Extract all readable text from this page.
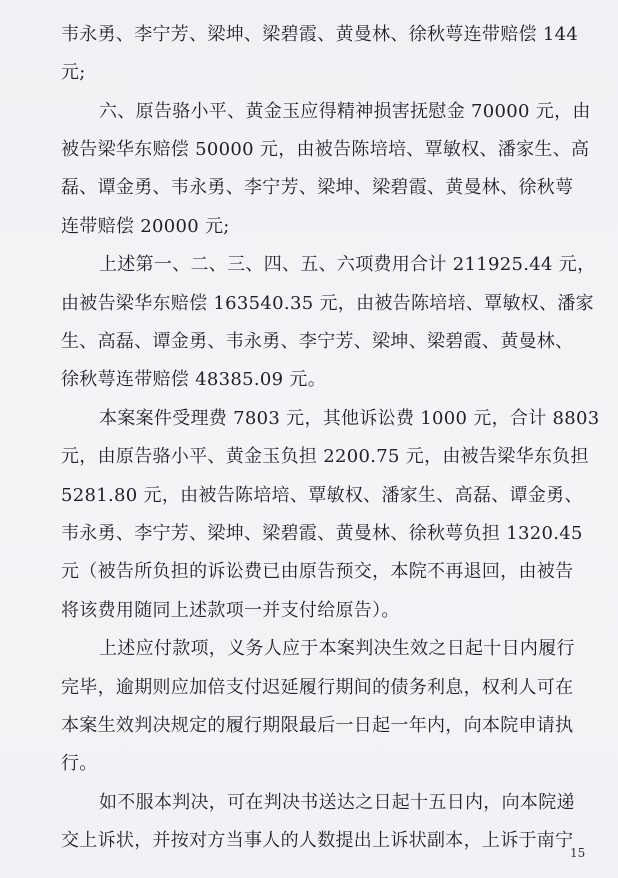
韦永勇、李宁芳、梁坤、梁碧霞、黄曼林、徐秋萼连带赔偿 144
元;
六、原告骆小平、黄金玉应得精神损害抚慰金 70000 元，由
被告梁华东赔偿 50000 元，由被告陈培培、覃敏权、潘家生、高
磊、谭金勇、韦永勇、李宁芳、梁坤、梁碧霞、黄曼林、徐秋萼
连带赔偿 20000 元;
上述第一、二、三、四、五、六项费用合计 211925.44 元，
由被告梁华东赔偿 163540.35 元，由被告陈培培、覃敏权、潘家
生、高磊、谭金勇、韦永勇、李宁芳、梁坤、梁碧霞、黄曼林、
徐秋萼连带赔偿 48385.09 元。
本案案件受理费 7803 元，其他诉讼费 1000 元，合计 8803
元，由原告骆小平、黄金玉负担 2200.75 元，由被告梁华东负担
5281.80 元，由被告陈培培、覃敏权、潘家生、高磊、谭金勇、
韦永勇、李宁芳、梁坤、梁碧霞、黄曼林、徐秋萼负担 1320.45
元（被告所负担的诉讼费已由原告预交，本院不再退回，由被告
将该费用随同上述款项一并支付给原告）。
上述应付款项，义务人应于本案判决生效之日起十日内履行
完毕，逾期则应加倍支付迟延履行期间的债务利息，权利人可在
本案生效判决规定的履行期限最后一日起一年内，向本院申请执
行。
如不服本判决，可在判决书送达之日起十五日内，向本院递
交上诉状，并按对方当事人的人数提出上诉状副本，上诉于南宁
15
